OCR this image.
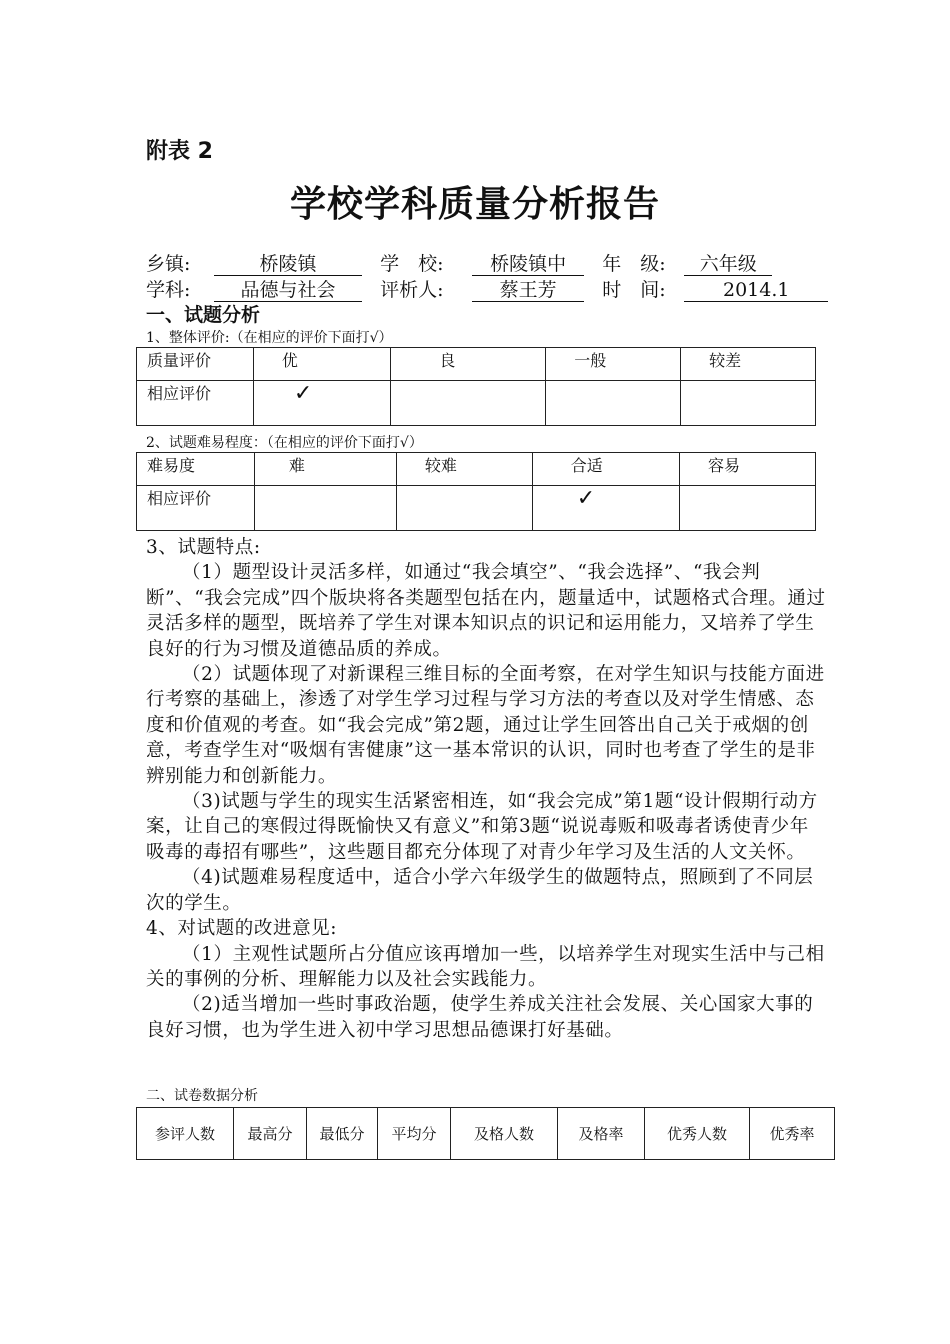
附表 2
学校学科质量分析报告
乡镇:	桥陵镇	学　校: 桥陵镇中 年　级: 六年级
学科:	品德与社会 评析人:	蔡王芳 时　间:	2014.1
一、试题分析
1、整体评价:（在相应的评价下面打√）
质量评价	优	良	一般	较差
相应评价	✓			
2、试题难易程度：（在相应的评价下面打√）
难易度	难	较难	合适	容易
相应评价			✓	

3、试题特点:

（1）题型设计灵活多样，如通过“我会填空”、“我会选择”、“我会判断”、“我会完成”四个版块将各类题型包括在内，题量适中，试题格式合理。通过灵活多样的题型，既培养了学生对课本知识点的识记和运用能力，又培养了学生良好的行为习惯及道德品质的养成。

（2）试题体现了对新课程三维目标的全面考察，在对学生知识与技能方面进行考察的基础上，渗透了对学生学习过程与学习方法的考查以及对学生情感、态度和价值观的考查。如“我会完成”第2题，通过让学生回答出自己关于戒烟的创意，考查学生对“吸烟有害健康”这一基本常识的认识，同时也考查了学生的是非辨别能力和创新能力。

（3)试题与学生的现实生活紧密相连，如“我会完成”第1题“设计假期行动方案，让自己的寒假过得既愉快又有意义”和第3题“说说毒贩和吸毒者诱使青少年吸毒的毒招有哪些”，这些题目都充分体现了对青少年学习及生活的人文关怀。

（4)试题难易程度适中，适合小学六年级学生的做题特点，照顾到了不同层次的学生。

4、对试题的改进意见:

（1）主观性试题所占分值应该再增加一些，以培养学生对现实生活中与己相关的事例的分析、理解能力以及社会实践能力。

（2)适当增加一些时事政治题，使学生养成关注社会发展、关心国家大事的良好习惯，也为学生进入初中学习思想品德课打好基础。

二、试卷数据分析
参评人数	最高分	最低分	平均分	及格人数	及格率	优秀人数	优秀率
